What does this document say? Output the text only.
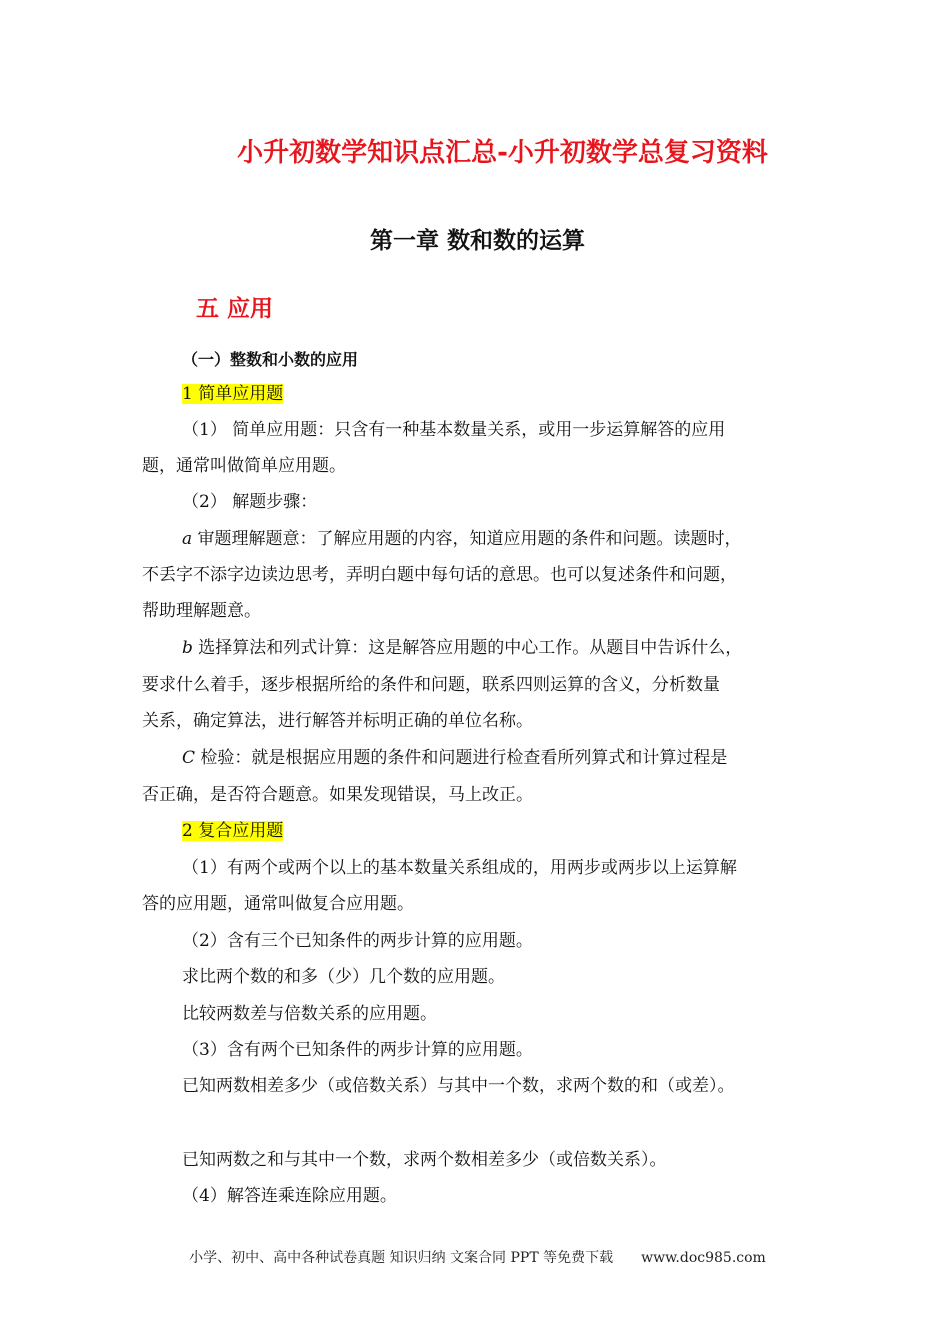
小升初数学知识点汇总-小升初数学总复习资料
第一章 数和数的运算
五 应用
（一）整数和小数的应用
1 简单应用题
（1） 简单应用题：只含有一种基本数量关系，或用一步运算解答的应用
题，通常叫做简单应用题。
（2） 解题步骤：
a 审题理解题意：了解应用题的内容，知道应用题的条件和问题。读题时，
不丢字不添字边读边思考，弄明白题中每句话的意思。也可以复述条件和问题，
帮助理解题意。
b 选择算法和列式计算：这是解答应用题的中心工作。从题目中告诉什么，
要求什么着手，逐步根据所给的条件和问题，联系四则运算的含义，分析数量
关系，确定算法，进行解答并标明正确的单位名称。
C 检验：就是根据应用题的条件和问题进行检查看所列算式和计算过程是
否正确，是否符合题意。如果发现错误，马上改正。
2 复合应用题
（1）有两个或两个以上的基本数量关系组成的，用两步或两步以上运算解
答的应用题，通常叫做复合应用题。
（2）含有三个已知条件的两步计算的应用题。
求比两个数的和多（少）几个数的应用题。
比较两数差与倍数关系的应用题。
（3）含有两个已知条件的两步计算的应用题。
已知两数相差多少（或倍数关系）与其中一个数，求两个数的和（或差）。
已知两数之和与其中一个数，求两个数相差多少（或倍数关系）。
（4）解答连乘连除应用题。
小学、初中、高中各种试卷真题 知识归纳 文案合同 PPT 等免费下载 www.doc985.com
